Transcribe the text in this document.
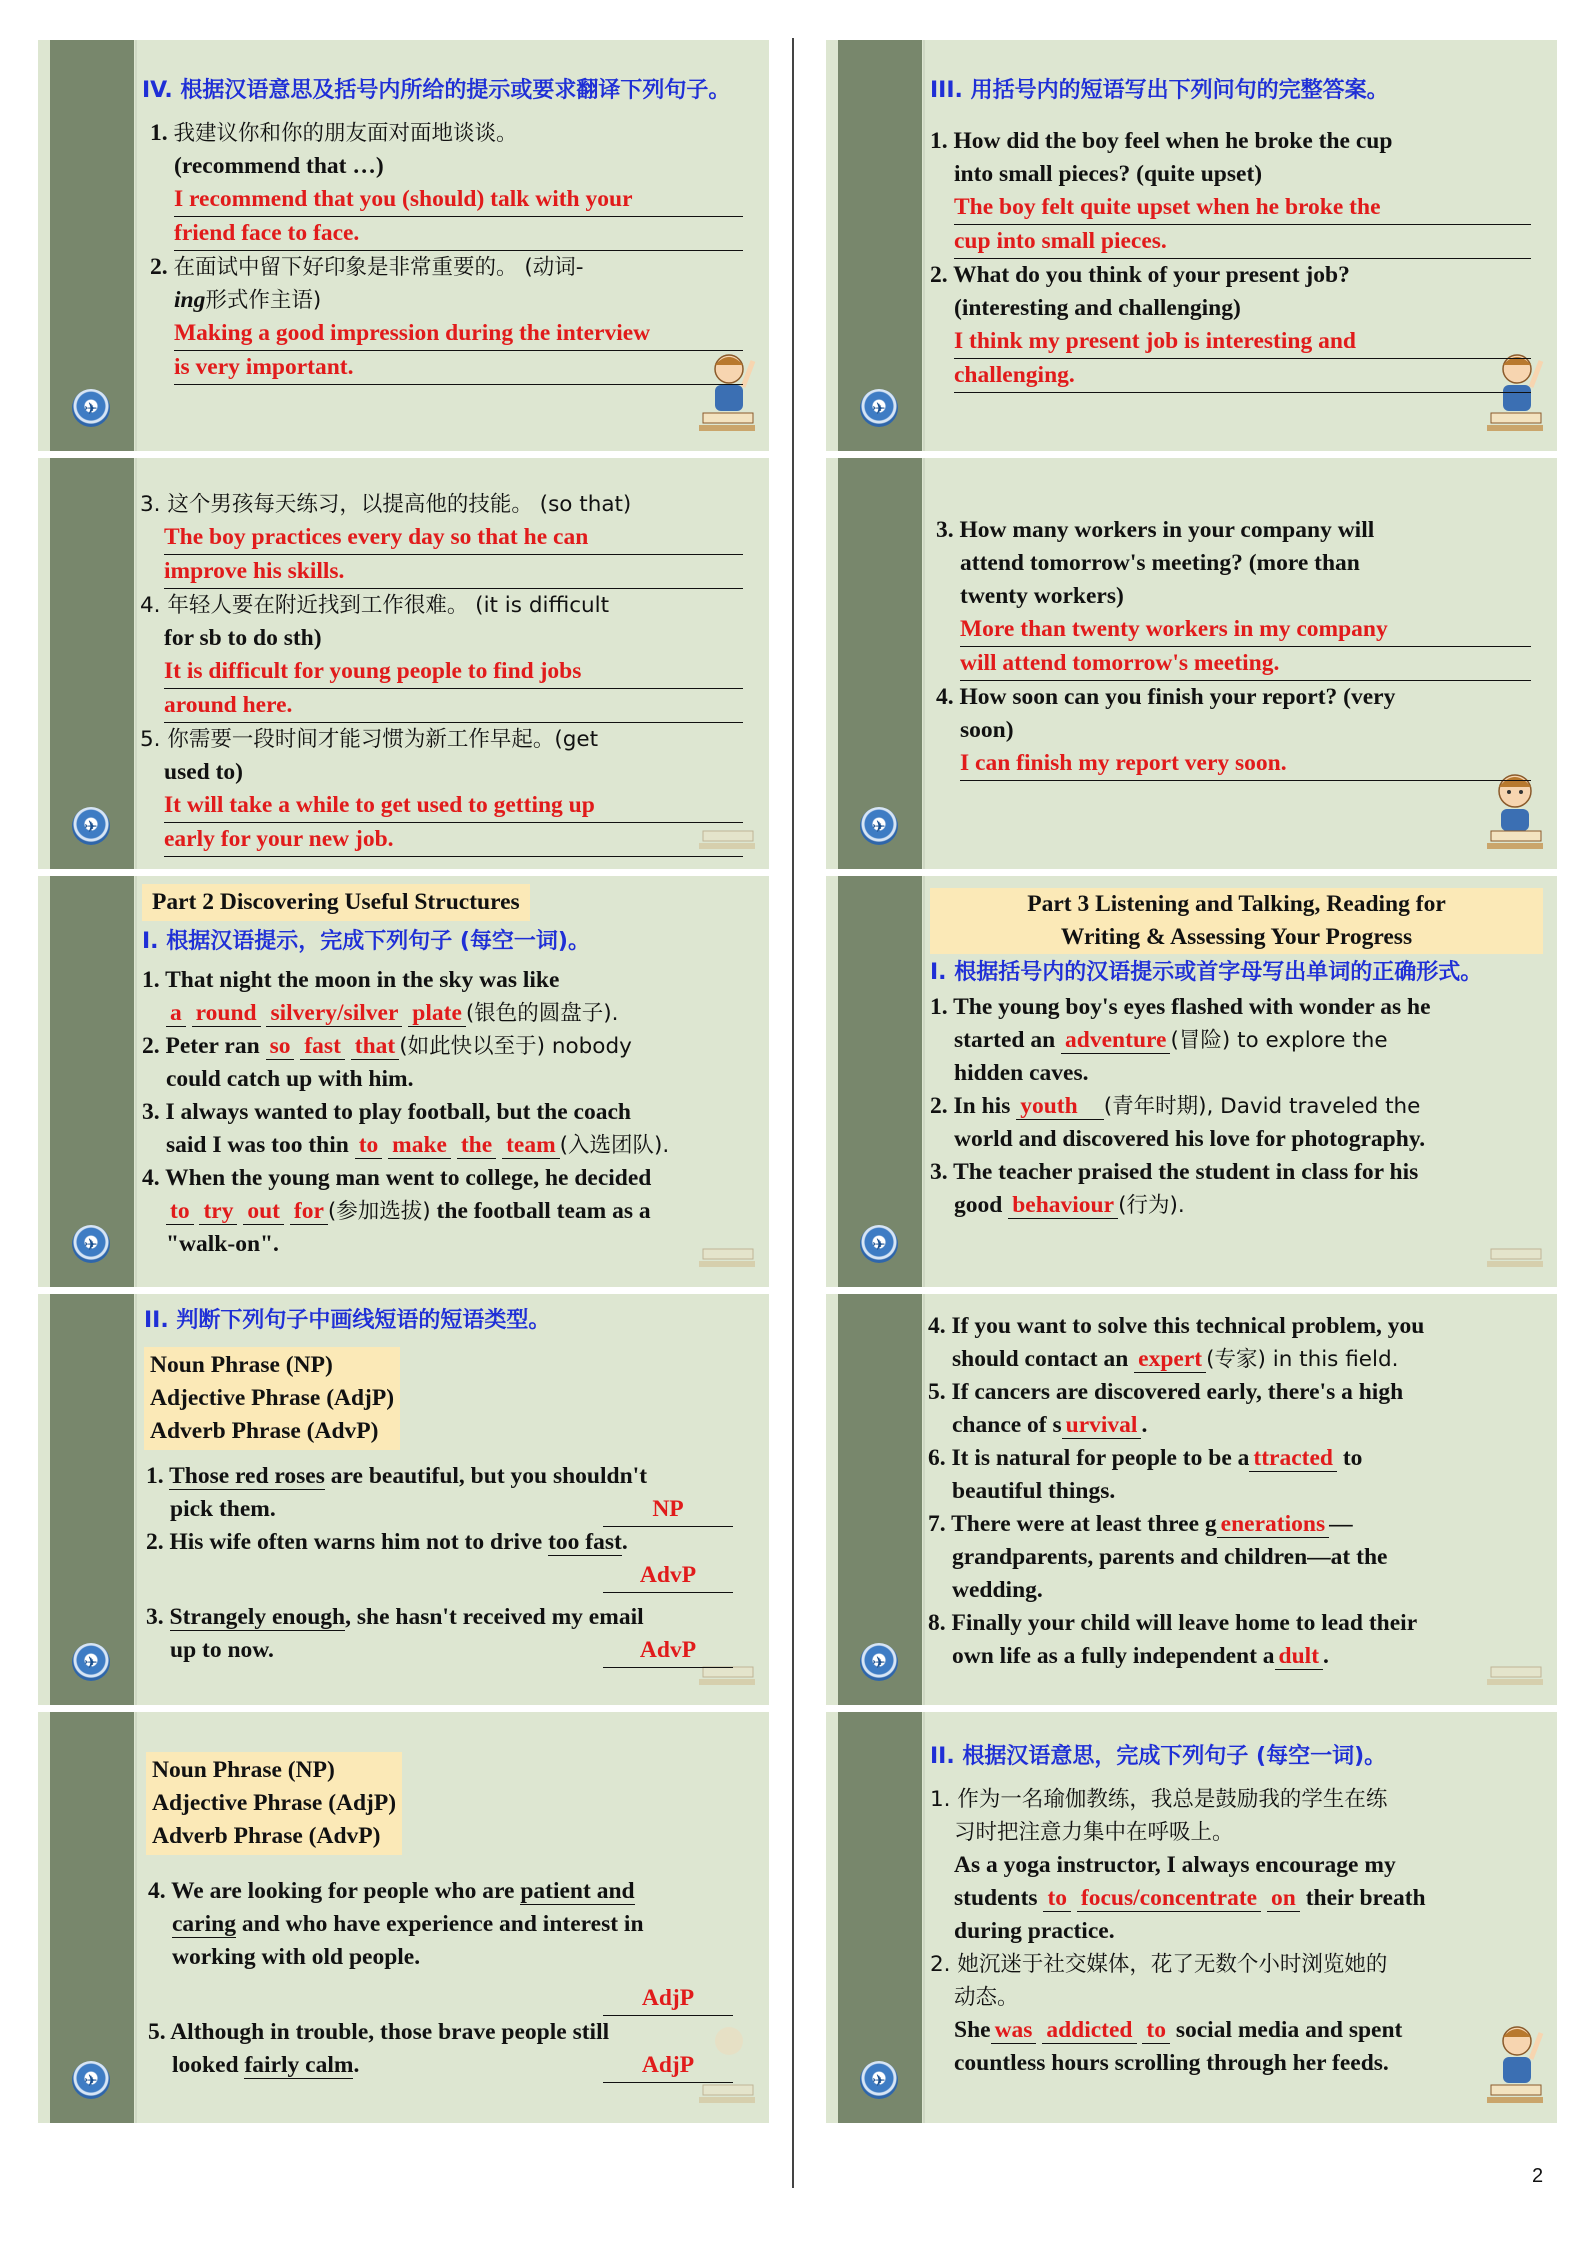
✈
IV. 根据汉语意思及括号内所给的提示或要求翻译下列句子。
1. 我建议你和你的朋友面对面地谈谈。
(recommend that …)
I recommend that you (should) talk with your
friend face to face.
2. 在面试中留下好印象是非常重要的。 (动词-
ing形式作主语)
Making a good impression during the interview
is very important.
✈
3. 这个男孩每天练习，以提高他的技能。 (so that)
The boy practices every day so that he can
improve his skills.
4. 年轻人要在附近找到工作很难。 (it is difficult
for sb to do sth)
It is difficult for young people to find jobs
around here.
5. 你需要一段时间才能习惯为新工作早起。(get
used to)
It will take a while to get used to getting up
early for your new job.
✈
Part 2 Discovering Useful Structures
I. 根据汉语提示，完成下列句子 (每空一词)。
1. That night the moon in the sky was like
a round silvery/silver plate (银色的圆盘子).
2. Peter ran so fast that (如此快以至于) nobody
could catch up with him.
3. I always wanted to play football, but the coach
said I was too thin to make the team (入选团队).
4. When the young man went to college, he decided
to try out for (参加选拔) the football team as a
"walk-on".
✈
II. 判断下列句子中画线短语的短语类型。
Noun Phrase (NP)
Adjective Phrase (AdjP)
Adverb Phrase (AdvP)
1. Those red roses are beautiful, but you shouldn't
pick them.	NP
2. His wife often warns him not to drive too fast.
AdvP
3. Strangely enough, she hasn't received my email
up to now.	AdvP
✈
Noun Phrase (NP)
Adjective Phrase (AdjP)
Adverb Phrase (AdvP)
4. We are looking for people who are patient and
caring and who have experience and interest in
working with old people.
AdjP
5. Although in trouble, those brave people still
looked fairly calm.	AdjP
✈
III. 用括号内的短语写出下列问句的完整答案。
1. How did the boy feel when he broke the cup
into small pieces? (quite upset)
The boy felt quite upset when he broke the
cup into small pieces.
2. What do you think of your present job?
(interesting and challenging)
I think my present job is interesting and
challenging.
✈
3. How many workers in your company will
attend tomorrow's meeting? (more than
twenty workers)
More than twenty workers in my company
will attend tomorrow's meeting.
4. How soon can you finish your report? (very
soon)
I can finish my report very soon.
✈
Part 3 Listening and Talking, Reading for
Writing & Assessing Your Progress
I. 根据括号内的汉语提示或首字母写出单词的正确形式。
1. The young boy's eyes flashed with wonder as he
started an adventure (冒险) to explore the
hidden caves.
2. In his youth (青年时期), David traveled the
world and discovered his love for photography.
3. The teacher praised the student in class for his
good behaviour (行为).
✈
4. If you want to solve this technical problem, you
should contact an expert (专家) in this field.
5. If cancers are discovered early, there's a high
chance of s urvival .
6. It is natural for people to be a ttracted to
beautiful things.
7. There were at least three g enerations —
grandparents, parents and children—at the
wedding.
8. Finally your child will leave home to lead their
own life as a fully independent a dult .
✈
II. 根据汉语意思，完成下列句子 (每空一词)。
1. 作为一名瑜伽教练，我总是鼓励我的学生在练
习时把注意力集中在呼吸上。
As a yoga instructor, I always encourage my
students to focus/concentrate on their breath
during practice.
2. 她沉迷于社交媒体，花了无数个小时浏览她的
动态。
She was addicted to social media and spent
countless hours scrolling through her feeds.
2
